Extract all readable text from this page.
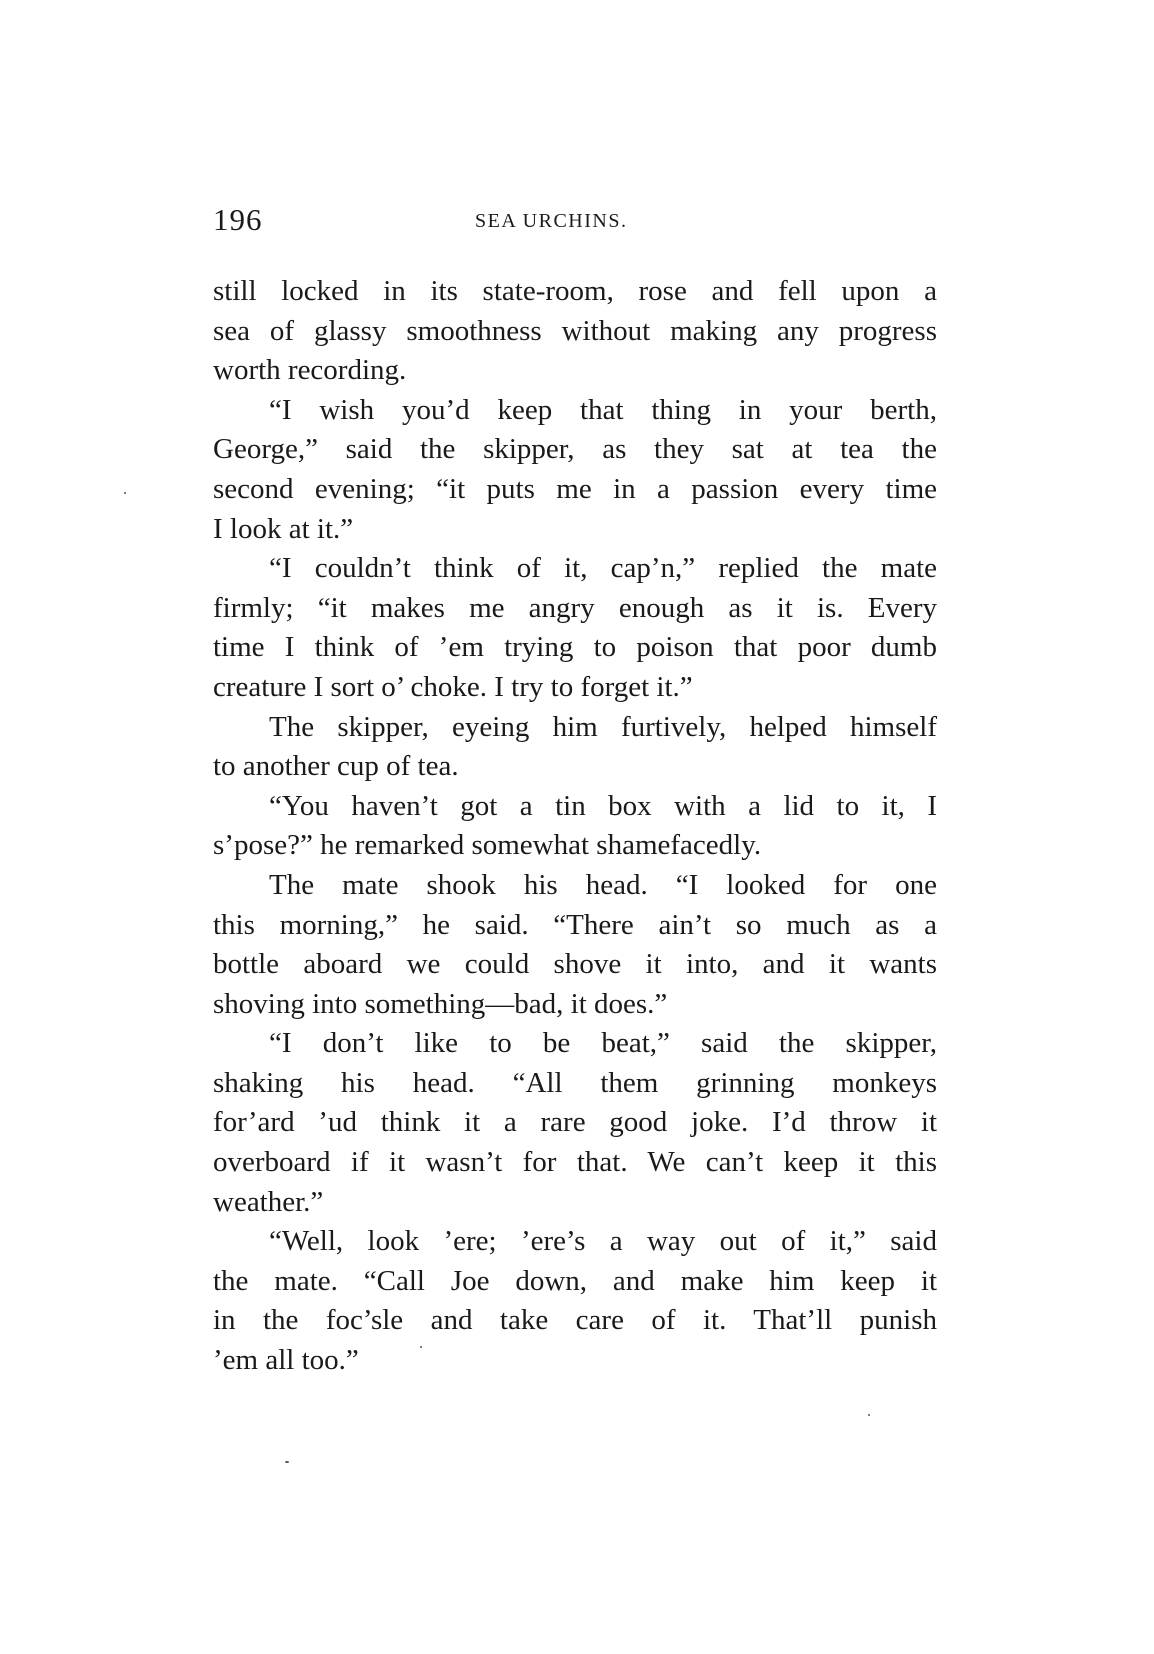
196	SEA URCHINS.
still locked in its state-room, rose and fell upon a
sea of glassy smoothness without making any progress
worth recording.
“I wish you’d keep that thing in your berth,
George,” said the skipper, as they sat at tea the
second evening; “it puts me in a passion every time
I look at it.”
“I couldn’t think of it, cap’n,” replied the mate
firmly; “it makes me angry enough as it is. Every
time I think of ’em trying to poison that poor dumb
creature I sort o’ choke. I try to forget it.”
The skipper, eyeing him furtively, helped himself
to another cup of tea.
“You haven’t got a tin box with a lid to it, I
s’pose?” he remarked somewhat shamefacedly.
The mate shook his head. “I looked for one
this morning,” he said. “There ain’t so much as a
bottle aboard we could shove it into, and it wants
shoving into something—bad, it does.”
“I don’t like to be beat,” said the skipper,
shaking his head. “All them grinning monkeys
for’ard ’ud think it a rare good joke. I’d throw it
overboard if it wasn’t for that. We can’t keep it this
weather.”
“Well, look ’ere; ’ere’s a way out of it,” said
the mate. “Call Joe down, and make him keep it
in the foc’sle and take care of it. That’ll punish
’em all too.”
